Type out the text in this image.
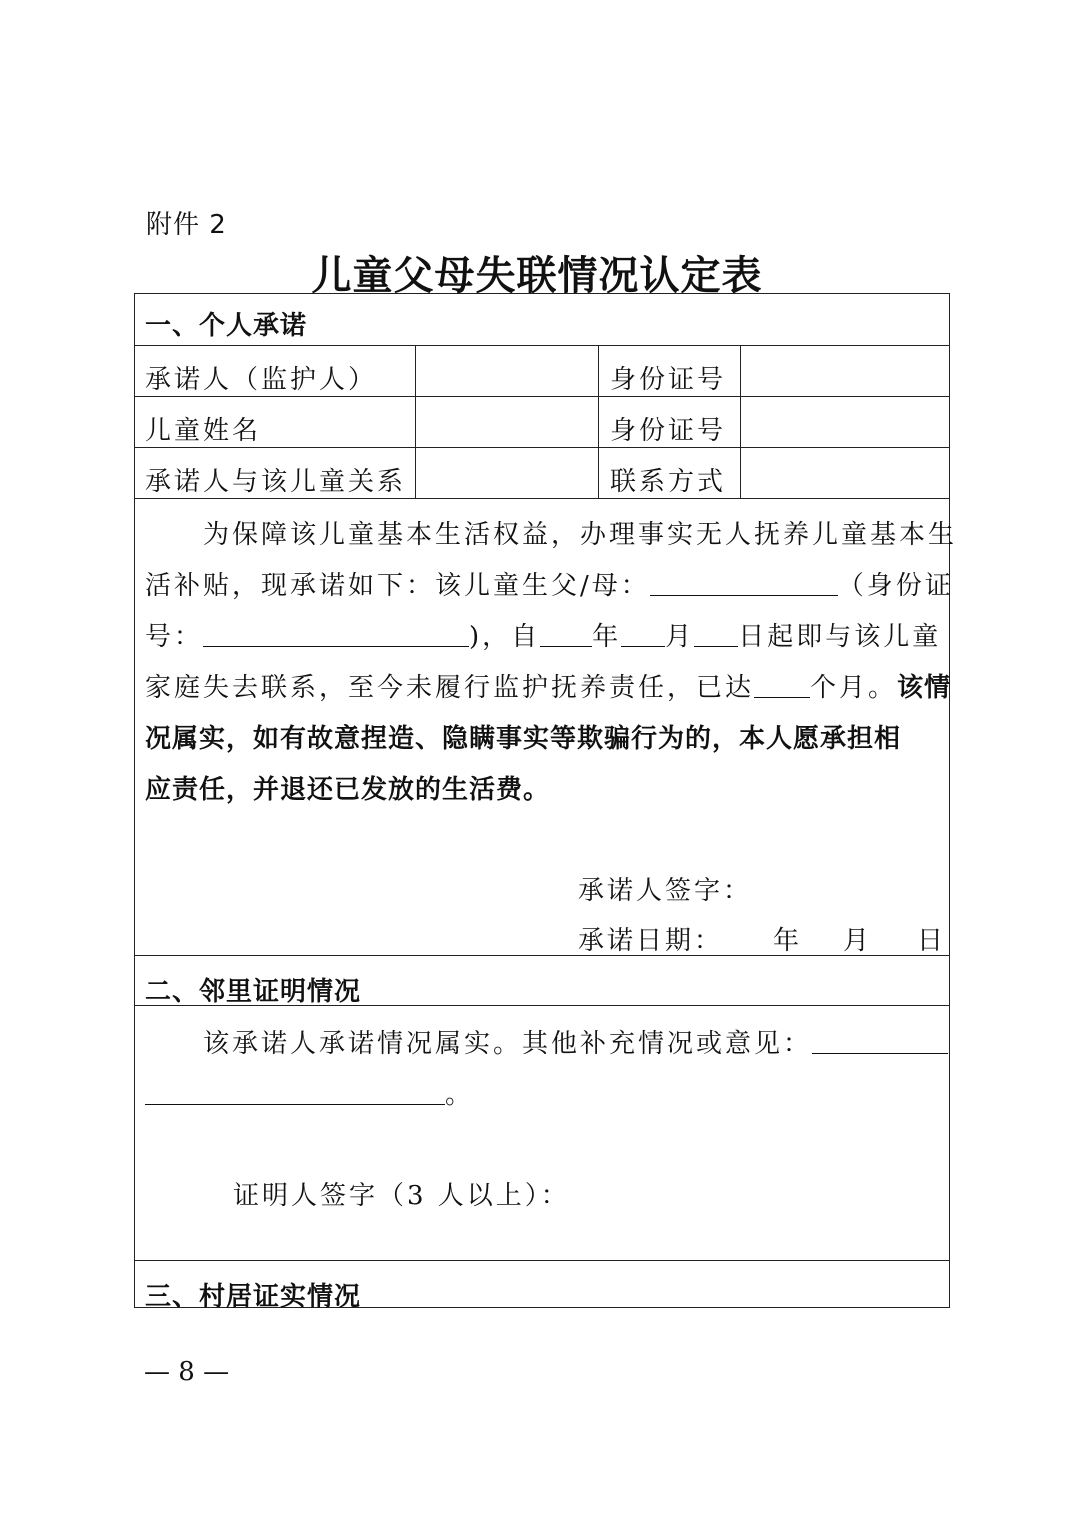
附件 2
儿童父母失联情况认定表
一、个人承诺
承诺人（监护人）	身份证号
儿童姓名	身份证号
承诺人与该儿童关系	联系方式
为保障该儿童基本生活权益，办理事实无人抚养儿童基本生
活补贴，现承诺如下：该儿童生父/母：	（身份证
号：	)，自 年 月 日起即与该儿童
家庭失去联系，至今未履行监护抚养责任，已达 个月。该情
况属实，如有故意捏造、隐瞒事实等欺骗行为的，本人愿承担相
应责任，并退还已发放的生活费。
承诺人签字：
承诺日期： 年 月 日
二、邻里证明情况
该承诺人承诺情况属实。其他补充情况或意见：
。
证明人签字（3 人以上）：
三、村居证实情况
— 8 —
